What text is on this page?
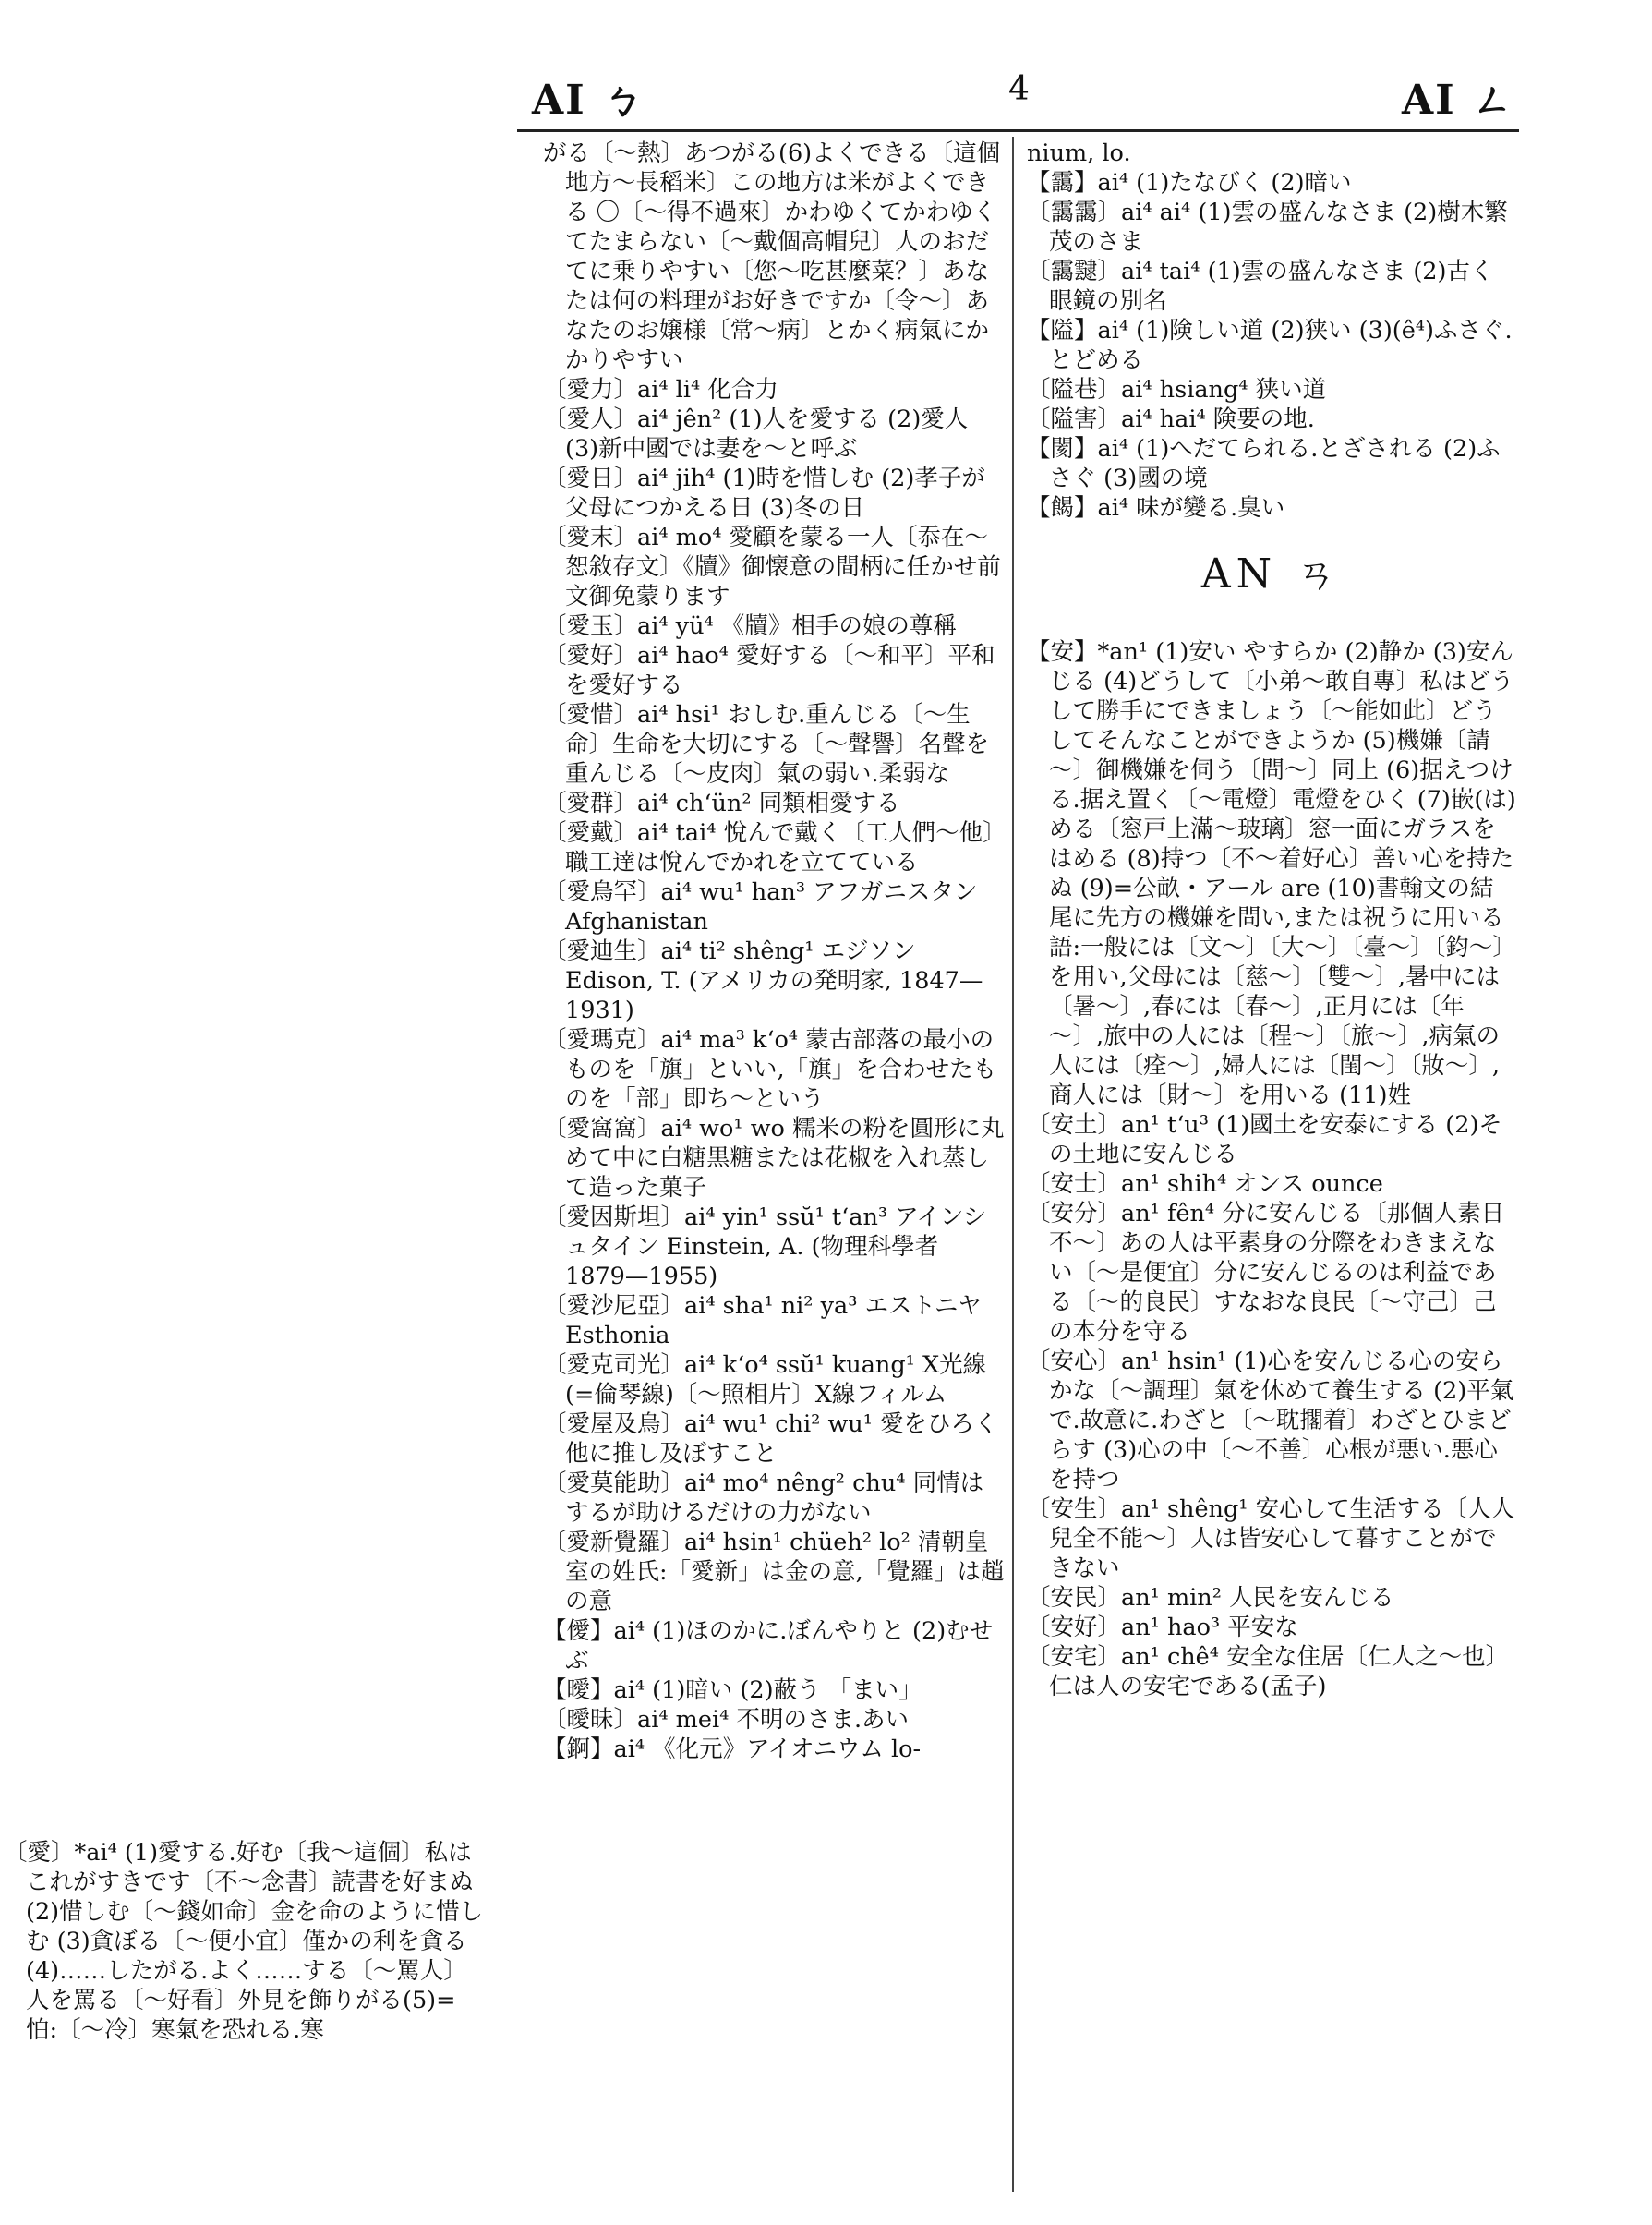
AI ㄅ	4	AI ㄥ

〔愛〕*ai⁴ (1)愛する.好む〔我～這個〕私はこれがすきです〔不～念書〕読書を好まぬ (2)惜しむ〔～錢如命〕金を命のように惜しむ (3)貪ぼる〔～便小宜〕僅かの利を貪る(4)……したがる.よく……する〔～罵人〕人を罵る〔～好看〕外見を飾りがる(5)=怕:〔～冷〕寒氣を恐れる.寒

がる〔～熱〕あつがる(6)よくできる〔這個地方～長稻米〕この地方は米がよくできる 〇〔～得不過來〕かわゆくてかわゆくてたまらない〔～戴個高帽兒〕人のおだてに乗りやすい〔您～吃甚麼菜？〕あなたは何の料理がお好きですか〔令～〕あなたのお嬢様〔常～病〕とかく病氣にかかりやすい

〔愛力〕ai⁴ li⁴ 化合力

〔愛人〕ai⁴ jên² (1)人を愛する (2)愛人 (3)新中國では妻を～と呼ぶ

〔愛日〕ai⁴ jih⁴ (1)時を惜しむ (2)孝子が父母につかえる日 (3)冬の日

〔愛末〕ai⁴ mo⁴ 愛顧を蒙る一人〔忝在～恕敘存文〕《牘》御懐意の間柄に任かせ前文御免蒙ります

〔愛玉〕ai⁴ yü⁴ 《牘》相手の娘の尊稱

〔愛好〕ai⁴ hao⁴ 愛好する〔～和平〕平和を愛好する

〔愛惜〕ai⁴ hsi¹ おしむ.重んじる〔～生命〕生命を大切にする〔～聲譽〕名聲を重んじる〔～皮肉〕氣の弱い.柔弱な

〔愛群〕ai⁴ chʻün² 同類相愛する

〔愛戴〕ai⁴ tai⁴ 悅んで戴く〔工人們～他〕職工達は悅んでかれを立てている

〔愛烏罕〕ai⁴ wu¹ han³ アフガニスタン Afghanistan

〔愛迪生〕ai⁴ ti² shêng¹ エジソン Edison, T. (アメリカの発明家, 1847—1931)

〔愛瑪克〕ai⁴ ma³ kʻo⁴ 蒙古部落の最小のものを「旗」といい,「旗」を合わせたものを「部」即ち～という

〔愛窩窩〕ai⁴ wo¹ wo 糯米の粉を圓形に丸めて中に白糖黒糖または花椒を入れ蒸して造った菓子

〔愛因斯坦〕ai⁴ yin¹ ssŭ¹ tʻan³ アインシュタイン Einstein, A. (物理科學者 1879—1955)

〔愛沙尼亞〕ai⁴ sha¹ ni² ya³ エストニヤ Esthonia

〔愛克司光〕ai⁴ kʻo⁴ ssŭ¹ kuang¹ X光線(=倫琴線)〔～照相片〕X線フィルム

〔愛屋及烏〕ai⁴ wu¹ chi² wu¹ 愛をひろく他に推し及ぼすこと

〔愛莫能助〕ai⁴ mo⁴ nêng² chu⁴ 同情はするが助けるだけの力がない

〔愛新覺羅〕ai⁴ hsin¹ chüeh² lo² 清朝皇室の姓氏:「愛新」は金の意,「覺羅」は趙の意

【僾】ai⁴ (1)ほのかに.ぼんやりと (2)むせぶ

【曖】ai⁴ (1)暗い (2)蔽う 「まい」

〔曖昧〕ai⁴ mei⁴ 不明のさま.あい

【錒】ai⁴ 《化元》アイオニウム lo-

nium, lo.

【靄】ai⁴ (1)たなびく (2)暗い

〔靄靄〕ai⁴ ai⁴ (1)雲の盛んなさま (2)樹木繁茂のさま

〔靄靆〕ai⁴ tai⁴ (1)雲の盛んなさま (2)古く眼鏡の別名

【隘】ai⁴ (1)険しい道 (2)狭い (3)(ê⁴)ふさぐ.とどめる

〔隘巷〕ai⁴ hsiang⁴ 狭い道

〔隘害〕ai⁴ hai⁴ 険要の地.

【閡】ai⁴ (1)へだてられる.とざされる (2)ふさぐ (3)國の境

【餲】ai⁴ 味が變る.臭い

AN ㄢ

【安】*an¹ (1)安い やすらか (2)静か (3)安んじる (4)どうして〔小弟～敢自專〕私はどうして勝手にできましょう〔～能如此〕どうしてそんなことができようか (5)機嫌〔請～〕御機嫌を伺う〔問～〕同上 (6)据えつける.据え置く〔～電燈〕電燈をひく (7)嵌(は)める〔窓戸上滿～玻璃〕窓一面にガラスをはめる (8)持つ〔不～着好心〕善い心を持たぬ (9)=公畝・アール are (10)書翰文の結尾に先方の機嫌を問い,または祝うに用いる語:一般には〔文～〕〔大～〕〔臺～〕〔鈞～〕を用い,父母には〔慈～〕〔雙～〕,暑中には〔暑～〕,春には〔春～〕,正月には〔年～〕,旅中の人には〔程～〕〔旅～〕,病氣の人には〔痊～〕,婦人には〔閨～〕〔妝～〕,商人には〔財～〕を用いる (11)姓

〔安土〕an¹ tʻu³ (1)國土を安泰にする (2)その土地に安んじる

〔安士〕an¹ shih⁴ オンス ounce

〔安分〕an¹ fên⁴ 分に安んじる〔那個人素日不～〕あの人は平素身の分際をわきまえない〔～是便宜〕分に安んじるのは利益である〔～的良民〕すなおな良民〔～守己〕己の本分を守る

〔安心〕an¹ hsin¹ (1)心を安んじる心の安らかな〔～調理〕氣を休めて養生する (2)平氣で.故意に.わざと〔～耽擱着〕わざとひまどらす (3)心の中〔～不善〕心根が悪い.悪心を持つ

〔安生〕an¹ shêng¹ 安心して生活する〔人人兒全不能～〕人は皆安心して暮すことができない

〔安民〕an¹ min² 人民を安んじる

〔安好〕an¹ hao³ 平安な

〔安宅〕an¹ chê⁴ 安全な住居〔仁人之～也〕仁は人の安宅である(孟子)
